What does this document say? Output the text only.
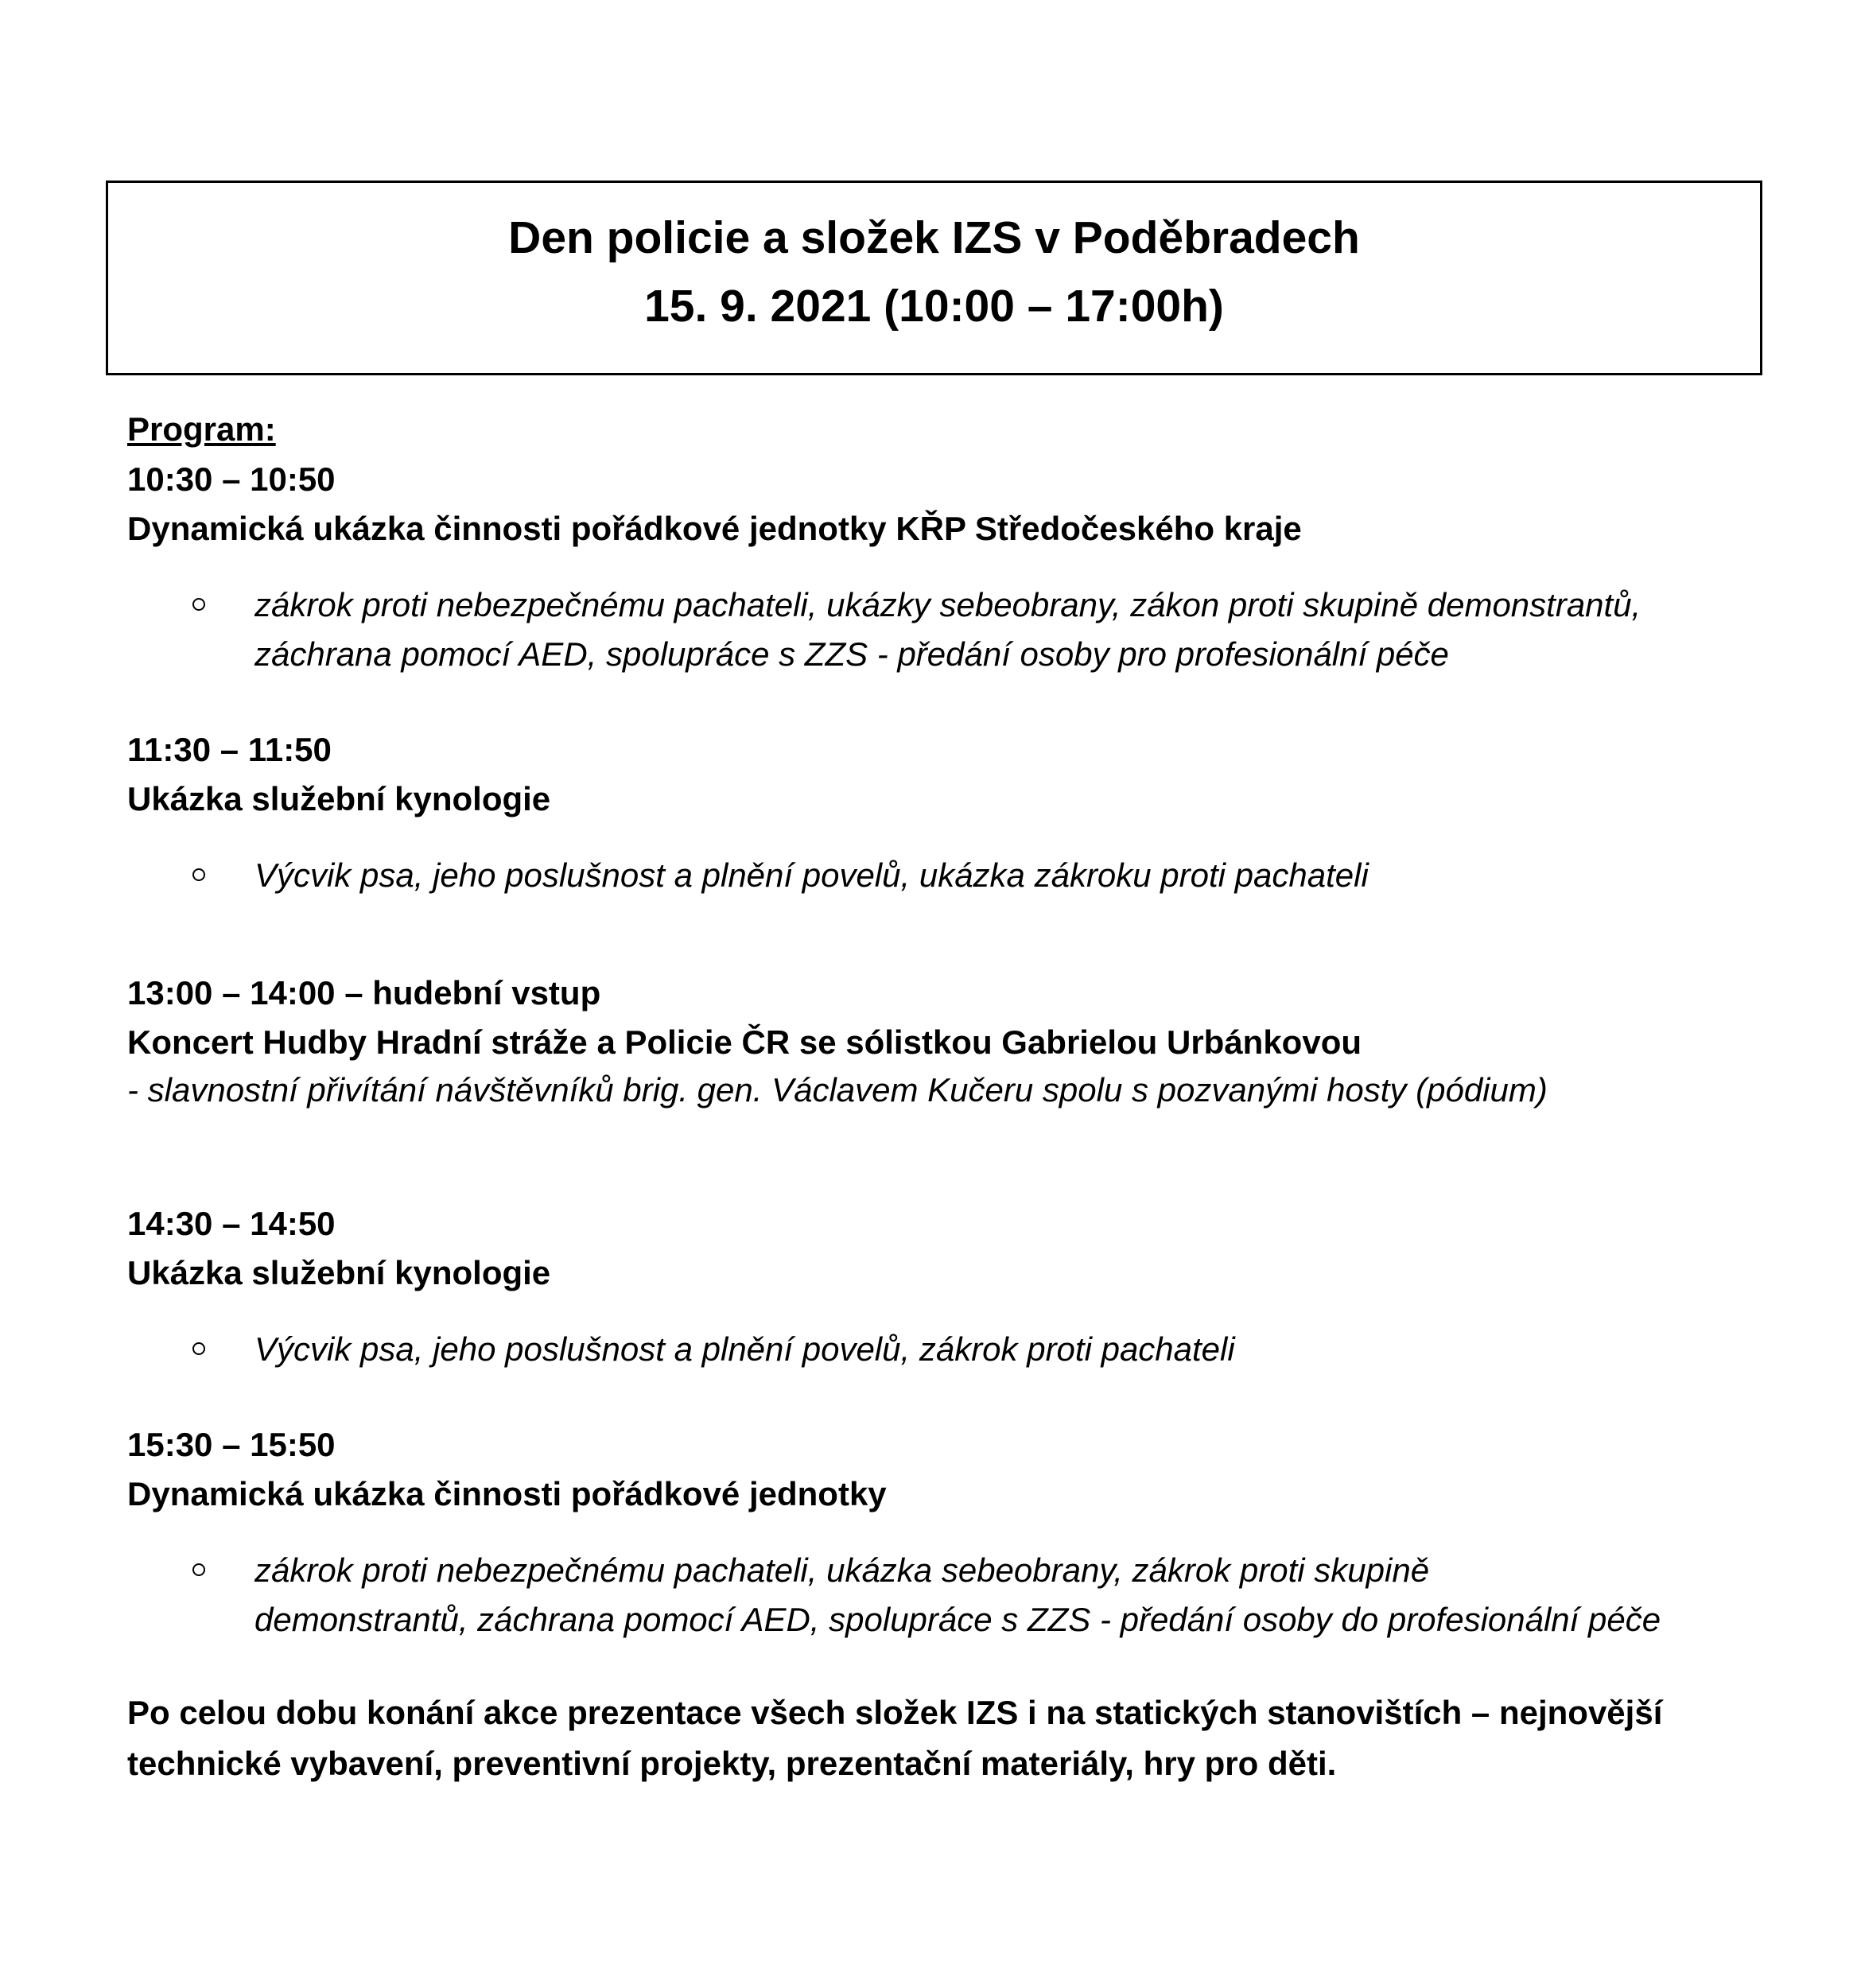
Den policie a složek IZS v Poděbradech
15. 9. 2021 (10:00 – 17:00h)
Program:
10:30 – 10:50
Dynamická ukázka činnosti pořádkové jednotky KŘP Středočeského kraje
zákrok proti nebezpečnému pachateli, ukázky sebeobrany, zákon proti skupině demonstrantů,
záchrana pomocí AED, spolupráce s ZZS - předání osoby pro profesionální péče
11:30 – 11:50
Ukázka služební kynologie
Výcvik psa, jeho poslušnost a plnění povelů, ukázka zákroku proti pachateli
13:00 – 14:00 – hudební vstup
Koncert Hudby Hradní stráže a Policie ČR se sólistkou Gabrielou Urbánkovou
- slavnostní přivítání návštěvníků brig. gen. Václavem Kučeru spolu s pozvanými hosty (pódium)
14:30 – 14:50
Ukázka služební kynologie
Výcvik psa, jeho poslušnost a plnění povelů, zákrok proti pachateli
15:30 – 15:50
Dynamická ukázka činnosti pořádkové jednotky
zákrok proti nebezpečnému pachateli, ukázka sebeobrany, zákrok proti skupině
demonstrantů, záchrana pomocí AED, spolupráce s ZZS - předání osoby do profesionální péče
Po celou dobu konání akce prezentace všech složek IZS i na statických stanovištích – nejnovější technické vybavení, preventivní projekty, prezentační materiály, hry pro děti.
